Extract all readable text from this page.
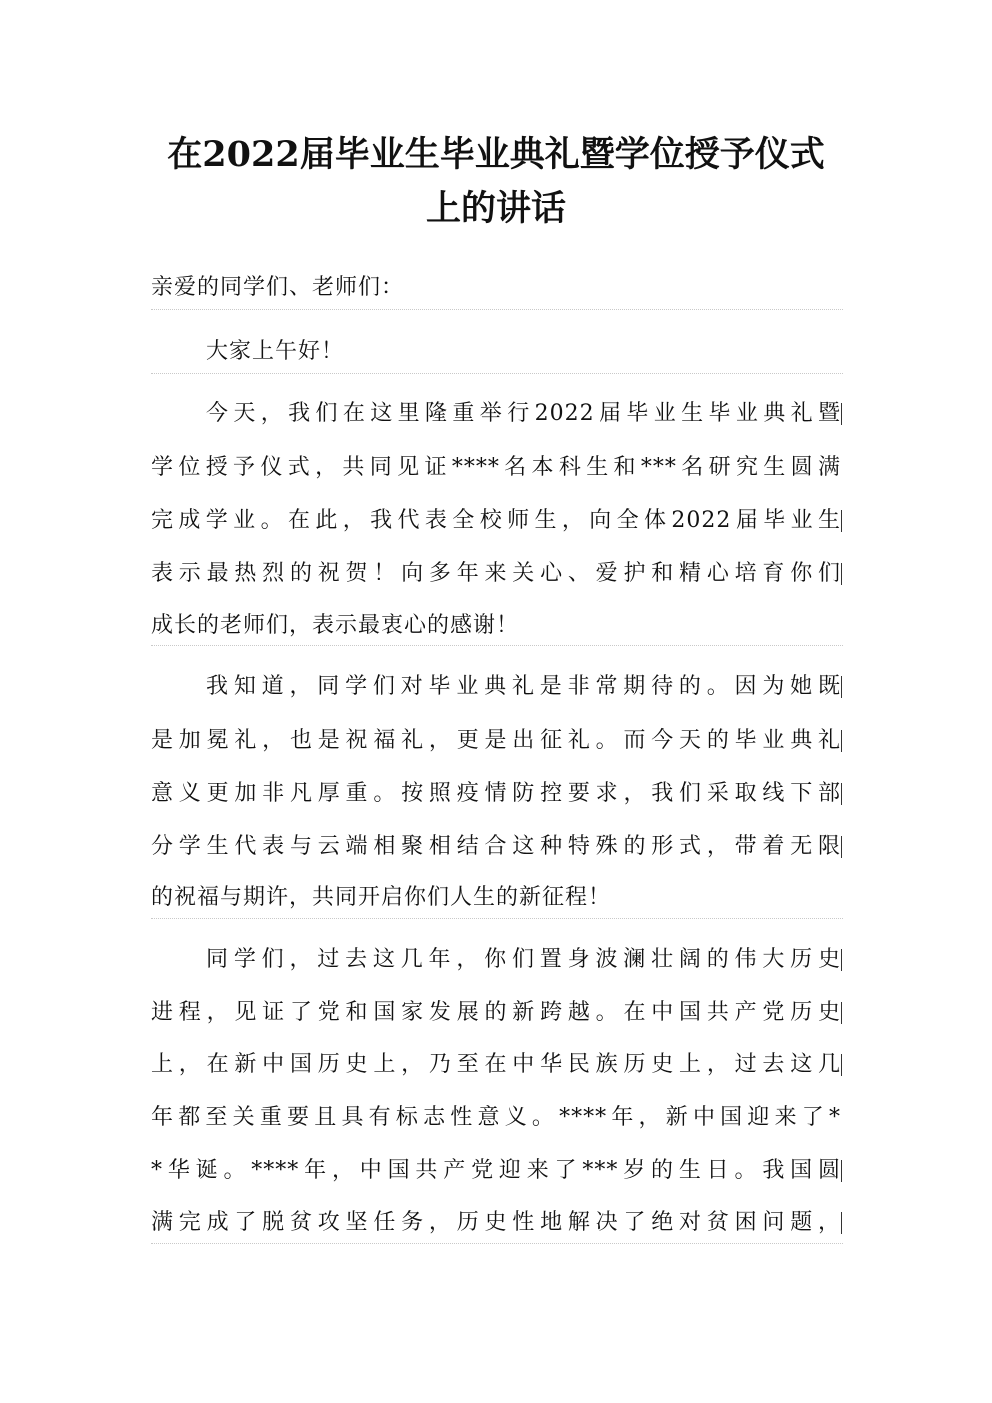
在2022届毕业生毕业典礼暨学位授予仪式
上的讲话
亲爱的同学们、老师们：
大家上午好！
今天，我们在这里隆重举行2022届毕业生毕业典礼暨
学位授予仪式，共同见证****名本科生和***名研究生圆满
完成学业。在此，我代表全校师生，向全体2022届毕业生
表示最热烈的祝贺！向多年来关心、爱护和精心培育你们
成长的老师们，表示最衷心的感谢！
我知道，同学们对毕业典礼是非常期待的。因为她既
是加冕礼，也是祝福礼，更是出征礼。而今天的毕业典礼
意义更加非凡厚重。按照疫情防控要求，我们采取线下部
分学生代表与云端相聚相结合这种特殊的形式，带着无限
的祝福与期许，共同开启你们人生的新征程！
同学们，过去这几年，你们置身波澜壮阔的伟大历史
进程，见证了党和国家发展的新跨越。在中国共产党历史
上，在新中国历史上，乃至在中华民族历史上，过去这几
年都至关重要且具有标志性意义。****年，新中国迎来了*
*华诞。****年，中国共产党迎来了***岁的生日。我国圆
满完成了脱贫攻坚任务，历史性地解决了绝对贫困问题，
